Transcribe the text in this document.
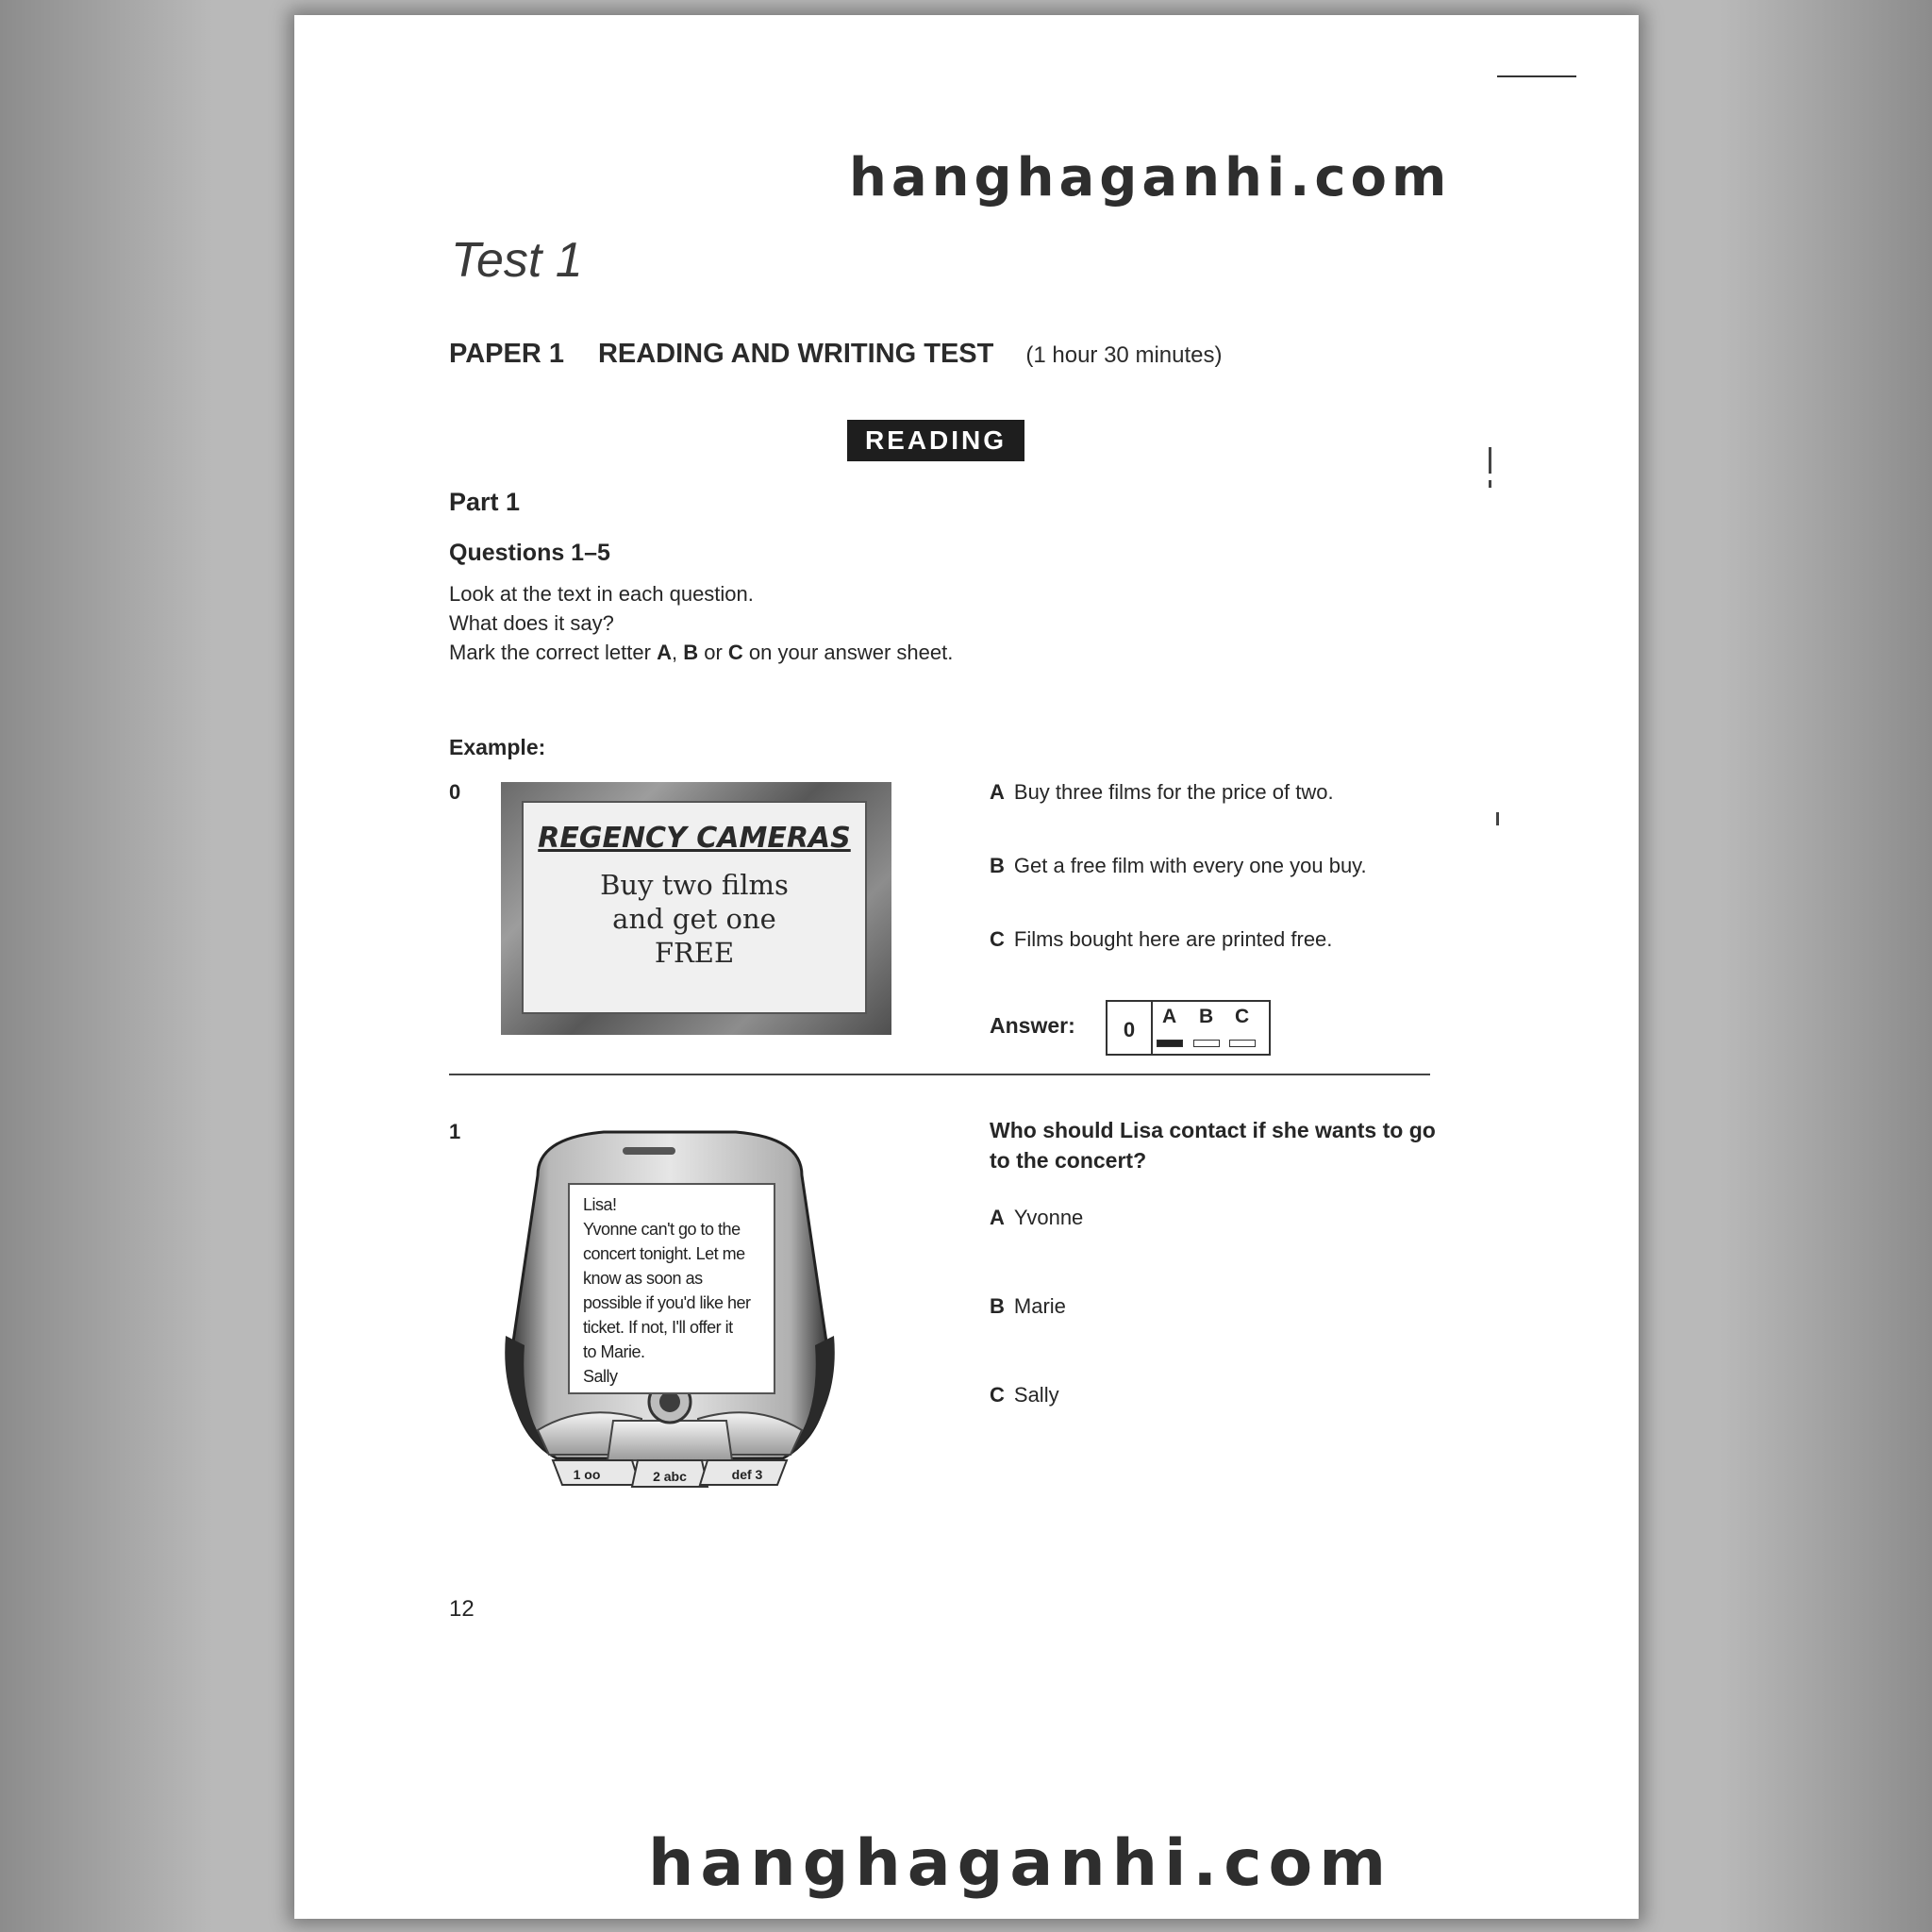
hanghaganhi.com
Test 1
PAPER 1 READING AND WRITING TEST (1 hour 30 minutes)
READING
Part 1
Questions 1–5
Look at the text in each question.
What does it say?
Mark the correct letter A, B or C on your answer sheet.
Example:
0
REGENCY CAMERAS
Buy two films
and get one
FREE
A Buy three films for the price of two.
B Get a free film with every one you buy.
C Films bought here are printed free.
Answer:	0
A B C
1
1 oo	2 abc	def 3
Lisa!
Yvonne can't go to the
concert tonight. Let me
know as soon as
possible if you'd like her
ticket. If not, I'll offer it
to Marie.
Sally
Who should Lisa contact if she wants to go to the concert?
A Yvonne
B Marie
C Sally
12
hanghaganhi.com
